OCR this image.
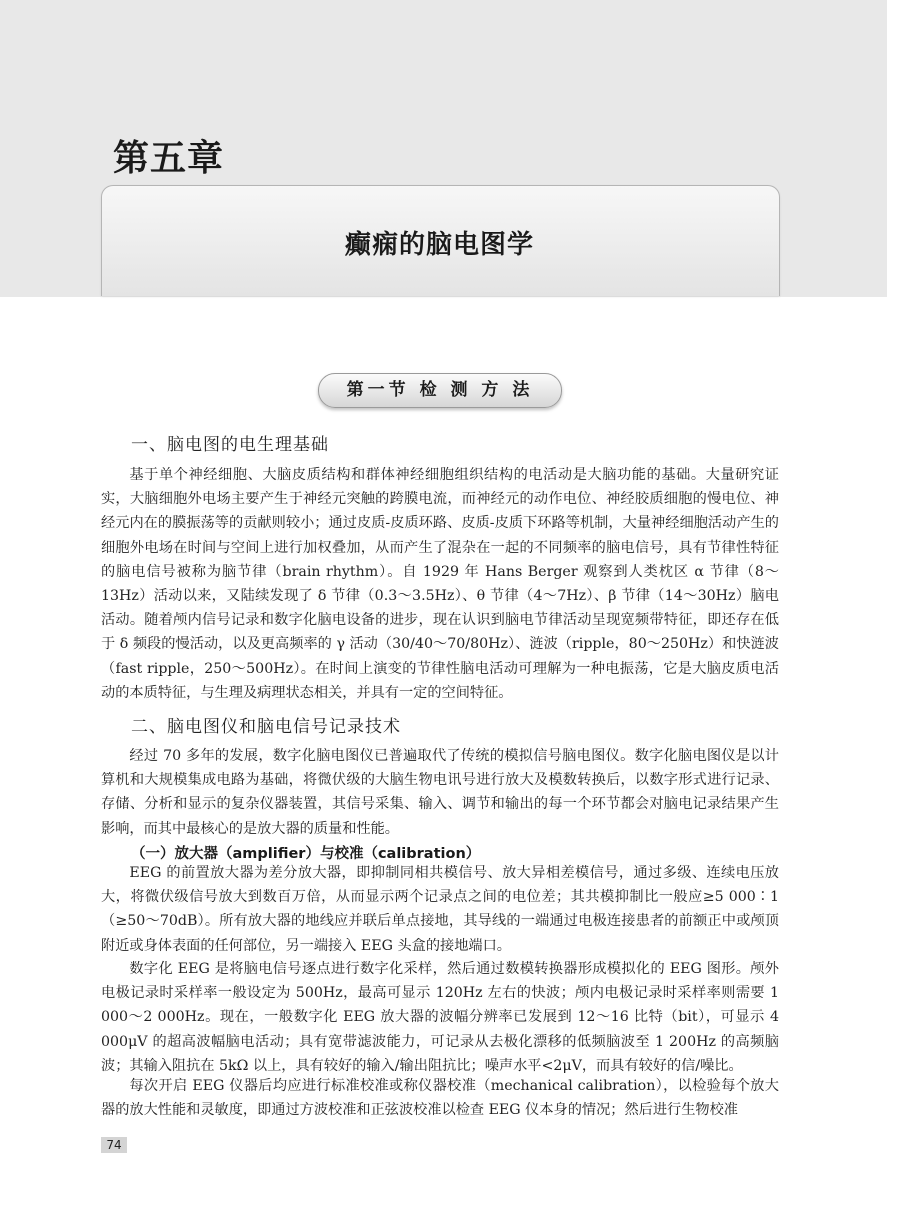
第五章
癫痫的脑电图学
第一节 检 测 方 法
一、脑电图的电生理基础

基于单个神经细胞、大脑皮质结构和群体神经细胞组织结构的电活动是大脑功能的基础。大量研究证实，大脑细胞外电场主要产生于神经元突触的跨膜电流，而神经元的动作电位、神经胶质细胞的慢电位、神经元内在的膜振荡等的贡献则较小；通过皮质-皮质环路、皮质-皮质下环路等机制，大量神经细胞活动产生的细胞外电场在时间与空间上进行加权叠加，从而产生了混杂在一起的不同频率的脑电信号，具有节律性特征的脑电信号被称为脑节律（brain rhythm）。自 1929 年 Hans Berger 观察到人类枕区 α 节律（8～13Hz）活动以来，又陆续发现了 δ 节律（0.3～3.5Hz）、θ 节律（4～7Hz）、β 节律（14～30Hz）脑电活动。随着颅内信号记录和数字化脑电设备的进步，现在认识到脑电节律活动呈现宽频带特征，即还存在低于 δ 频段的慢活动，以及更高频率的 γ 活动（30/40～70/80Hz）、涟波（ripple，80～250Hz）和快涟波（fast ripple，250～500Hz）。在时间上演变的节律性脑电活动可理解为一种电振荡，它是大脑皮质电活动的本质特征，与生理及病理状态相关，并具有一定的空间特征。

二、脑电图仪和脑电信号记录技术

经过 70 多年的发展，数字化脑电图仪已普遍取代了传统的模拟信号脑电图仪。数字化脑电图仪是以计算机和大规模集成电路为基础，将微伏级的大脑生物电讯号进行放大及模数转换后，以数字形式进行记录、存储、分析和显示的复杂仪器装置，其信号采集、输入、调节和输出的每一个环节都会对脑电记录结果产生影响，而其中最核心的是放大器的质量和性能。

（一）放大器（amplifier）与校准（calibration）

EEG 的前置放大器为差分放大器，即抑制同相共模信号、放大异相差模信号，通过多级、连续电压放大，将微伏级信号放大到数百万倍，从而显示两个记录点之间的电位差；其共模抑制比一般应≥5 000∶1（≥50～70dB）。所有放大器的地线应并联后单点接地，其导线的一端通过电极连接患者的前额正中或颅顶附近或身体表面的任何部位，另一端接入 EEG 头盒的接地端口。

数字化 EEG 是将脑电信号逐点进行数字化采样，然后通过数模转换器形成模拟化的 EEG 图形。颅外电极记录时采样率一般设定为 500Hz，最高可显示 120Hz 左右的快波；颅内电极记录时采样率则需要 1 000～2 000Hz。现在，一般数字化 EEG 放大器的波幅分辨率已发展到 12～16 比特（bit），可显示 4 000μV 的超高波幅脑电活动；具有宽带滤波能力，可记录从去极化漂移的低频脑波至 1 200Hz 的高频脑波；其输入阻抗在 5kΩ 以上，具有较好的输入/输出阻抗比；噪声水平<2μV，而具有较好的信/噪比。

每次开启 EEG 仪器后均应进行标准校准或称仪器校准（mechanical calibration），以检验每个放大器的放大性能和灵敏度，即通过方波校准和正弦波校准以检查 EEG 仪本身的情况；然后进行生物校准

74
